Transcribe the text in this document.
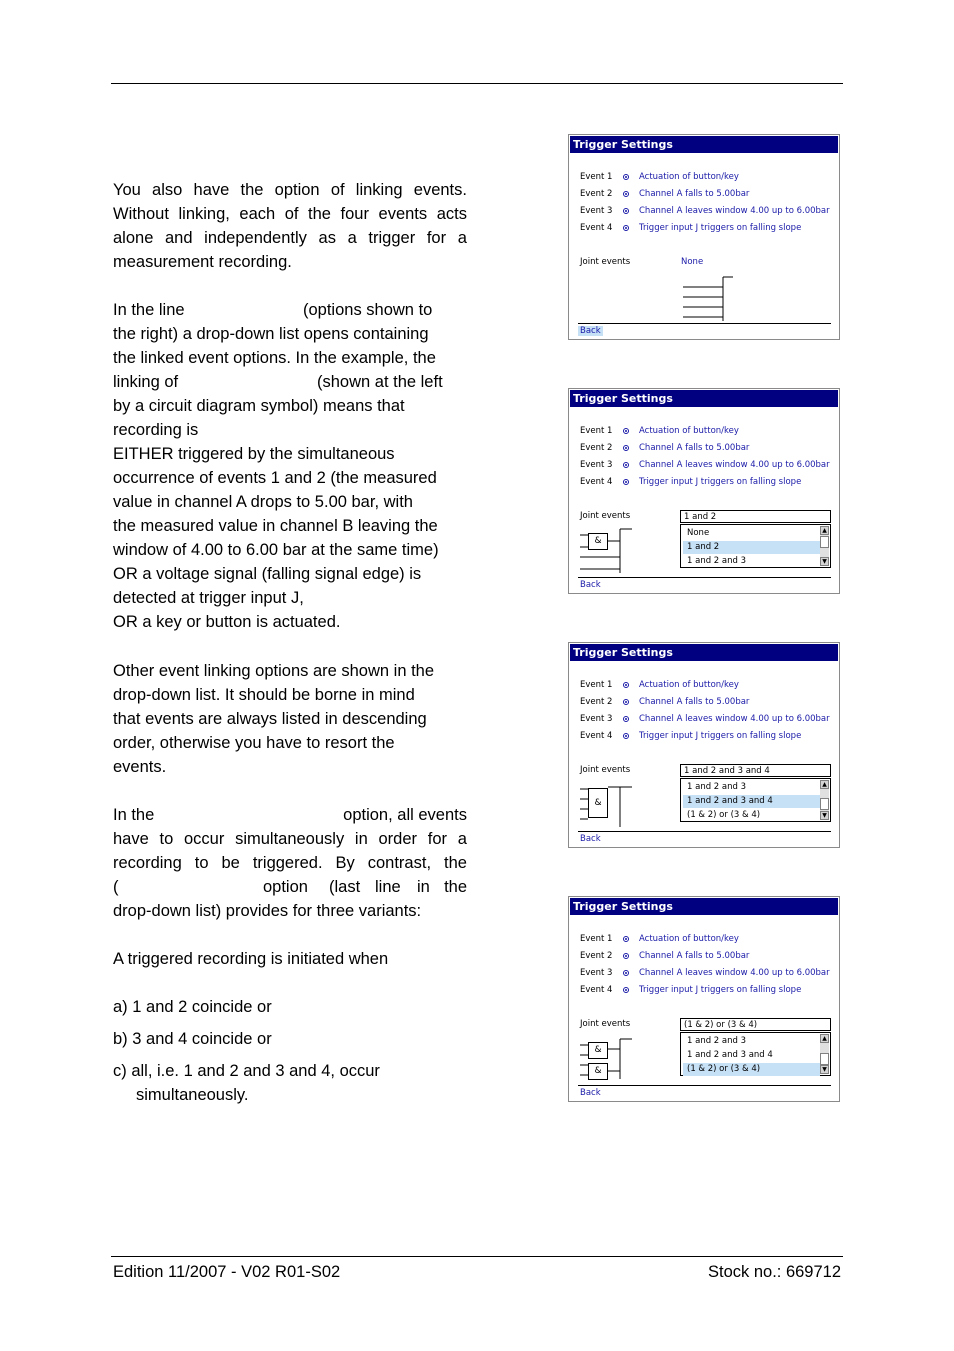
You also have the option of linking events.
Without linking, each of the four events acts
alone and independently as a trigger for a
measurement recording.
In the line	(options shown to
the right) a drop-down list opens containing
the linked event options. In the example, the
linking of	(shown at the left
by a circuit diagram symbol) means that
recording is
EITHER triggered by the simultaneous
occurrence of events 1 and 2 (the measured
value in channel A drops to 5.00 bar, with
the measured value in channel B leaving the
window of 4.00 to 6.00 bar at the same time)
OR a voltage signal (falling signal edge) is
detected at trigger input J,
OR a key or button is actuated.
Other event linking options are shown in the
drop-down list. It should be borne in mind
that events are always listed in descending
order, otherwise you have to resort the
events.
In the	option, all events
have to occur simultaneously in order for a
recording to be triggered. By contrast, the
(	option (last line in the
drop-down list) provides for three variants:
A triggered recording is initiated when
a) 1 and 2 coincide or
b) 3 and 4 coincide or
c) all, i.e. 1 and 2 and 3 and 4, occur
simultaneously.
Edition 11/2007 - V02 R01-S02	Stock no.: 669712
Trigger Settings
Event 1	Actuation of button/key
Event 2	Channel A falls to 5.00bar
Event 3	Channel A leaves window 4.00 up to 6.00bar
Event 4	Trigger input J triggers on falling slope
Joint events	None
Back
Trigger Settings
Event 1	Actuation of button/key
Event 2	Channel A falls to 5.00bar
Event 3	Channel A leaves window 4.00 up to 6.00bar
Event 4	Trigger input J triggers on falling slope
Joint events	1 and 2
None
1 and 2
1 and 2 and 3
▲
▼
&
Back
Trigger Settings
Event 1	Actuation of button/key
Event 2	Channel A falls to 5.00bar
Event 3	Channel A leaves window 4.00 up to 6.00bar
Event 4	Trigger input J triggers on falling slope
Joint events	1 and 2 and 3 and 4
1 and 2 and 3
1 and 2 and 3 and 4
(1 & 2) or (3 & 4)
▲
▼
&
Back
Trigger Settings
Event 1	Actuation of button/key
Event 2	Channel A falls to 5.00bar
Event 3	Channel A leaves window 4.00 up to 6.00bar
Event 4	Trigger input J triggers on falling slope
Joint events	(1 & 2) or (3 & 4)
1 and 2 and 3
1 and 2 and 3 and 4
(1 & 2) or (3 & 4)
▲
▼
&
&
Back
